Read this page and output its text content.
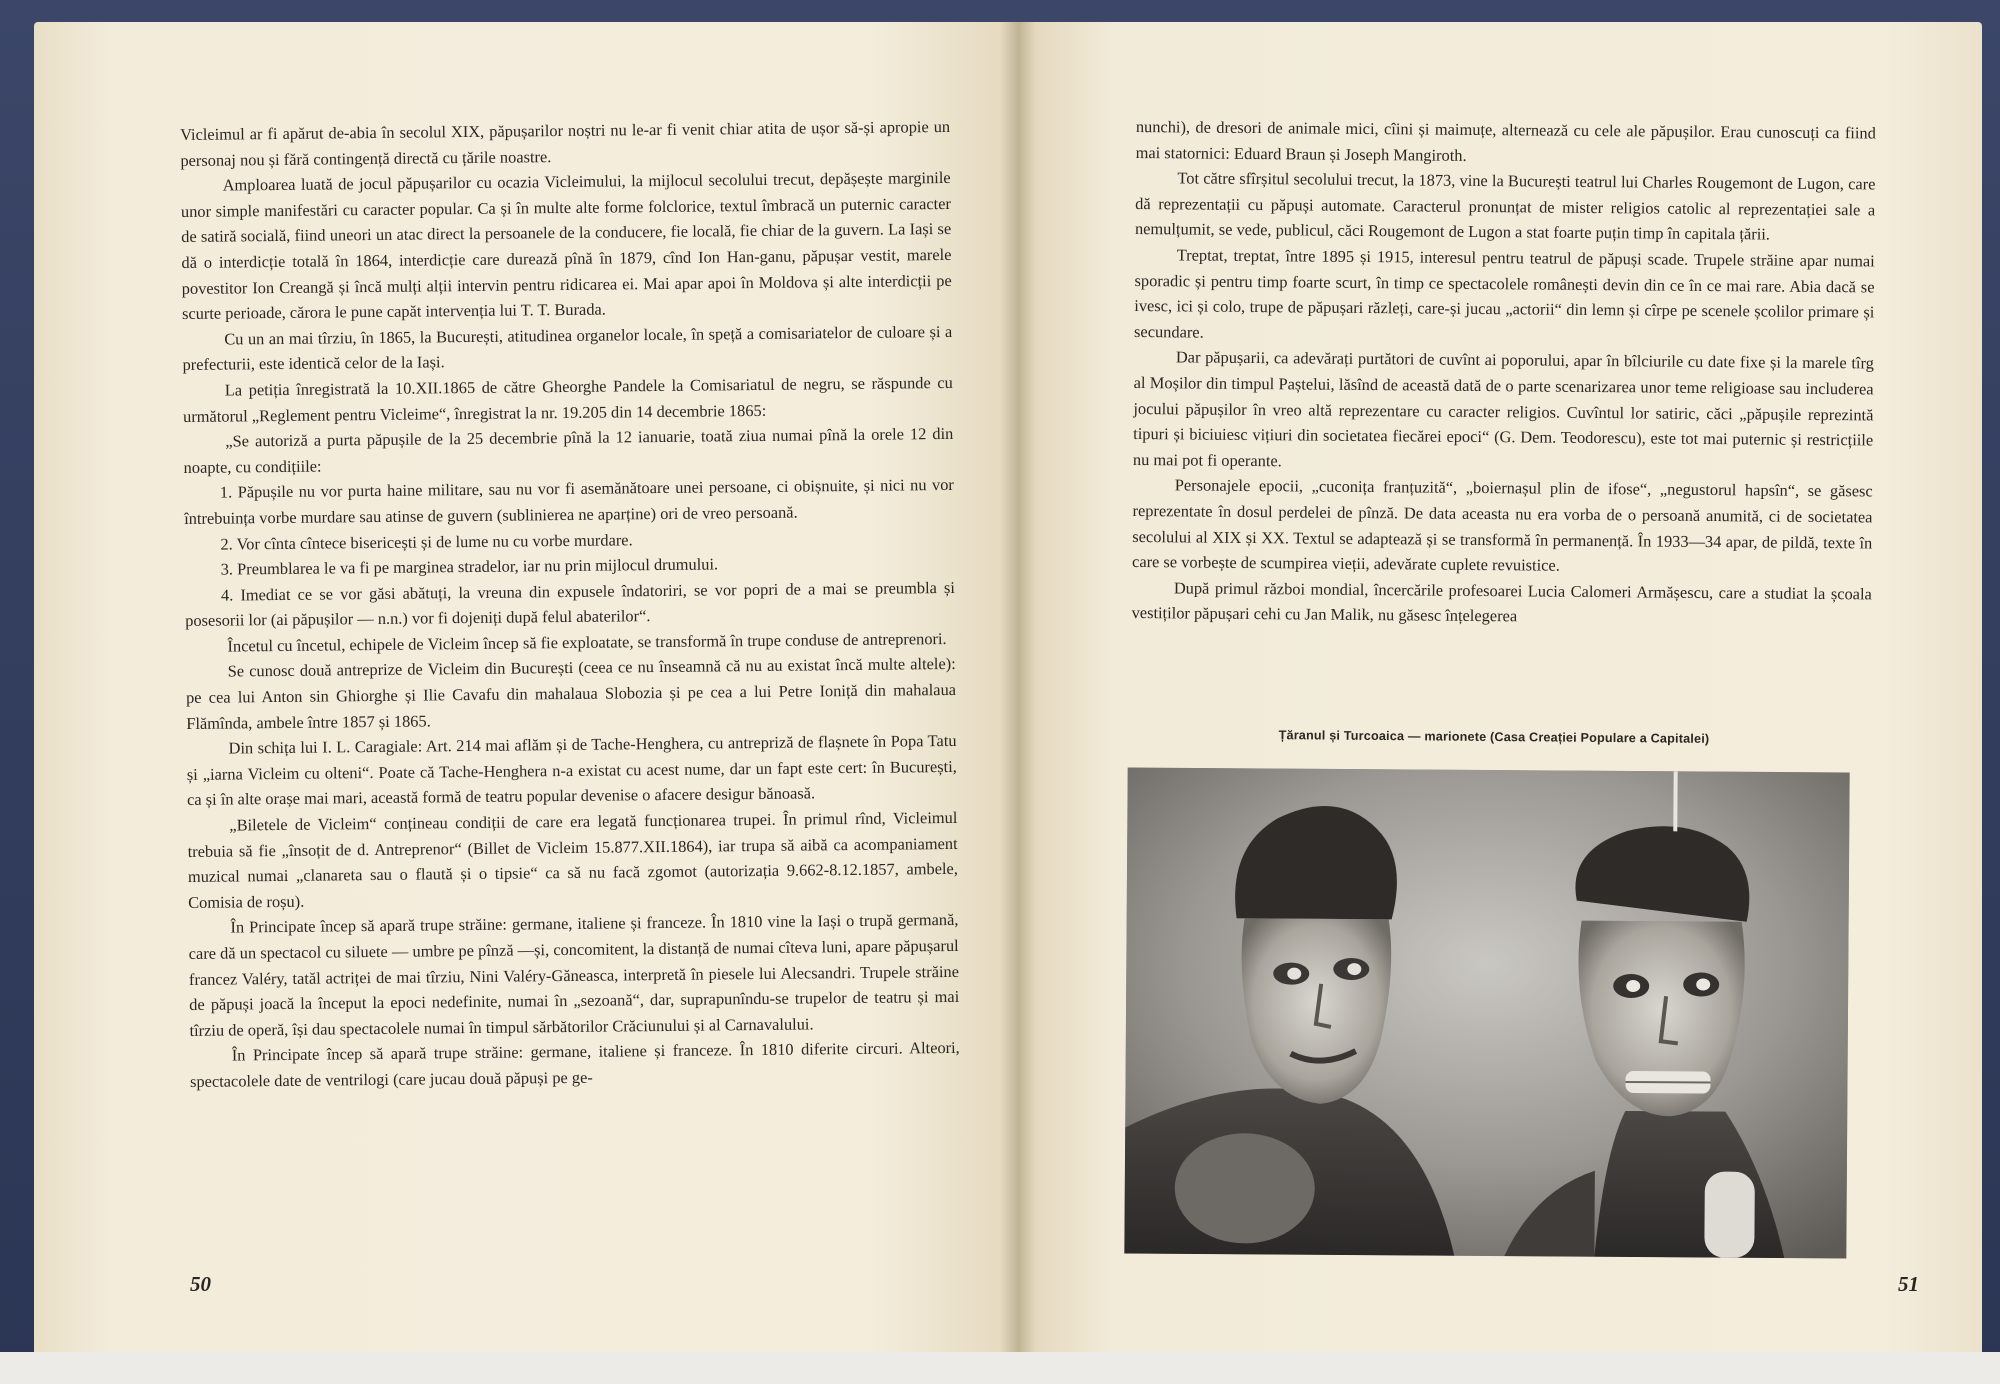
Vicleimul ar fi apărut de-abia în secolul XIX, păpușarilor noștri nu le-ar fi venit chiar atita de ușor să-și apropie un personaj nou și fără contingență directă cu țările noastre.

Amploarea luată de jocul păpușarilor cu ocazia Vicleimului, la mijlocul secolului trecut, depășește marginile unor simple manifestări cu caracter popular. Ca și în multe alte forme folclorice, textul îmbracă un puternic caracter de satiră socială, fiind uneori un atac direct la persoanele de la conducere, fie locală, fie chiar de la guvern. La Iași se dă o interdicție totală în 1864, interdicție care durează pînă în 1879, cînd Ion Han-ganu, păpușar vestit, marele povestitor Ion Creangă și încă mulți alții intervin pentru ridicarea ei. Mai apar apoi în Moldova și alte interdicții pe scurte perioade, cărora le pune capăt intervenția lui T. T. Burada.

Cu un an mai tîrziu, în 1865, la București, atitudinea organelor locale, în speță a comisariatelor de culoare și a prefecturii, este identică celor de la Iași.

La petiția înregistrată la 10.XII.1865 de către Gheorghe Pandele la Comisariatul de negru, se răspunde cu următorul „Reglement pentru Vicleime“, înregistrat la nr. 19.205 din 14 decembrie 1865:

„Se autoriză a purta păpușile de la 25 decembrie pînă la 12 ianuarie, toată ziua numai pînă la orele 12 din noapte, cu condițiile:

1. Păpușile nu vor purta haine militare, sau nu vor fi asemănătoare unei persoane, ci obișnuite, și nici nu vor întrebuința vorbe murdare sau atinse de guvern (sublinierea ne aparține) ori de vreo persoană.

2. Vor cînta cîntece bisericești și de lume nu cu vorbe murdare.

3. Preumblarea le va fi pe marginea stradelor, iar nu prin mijlocul drumului.

4. Imediat ce se vor găsi abătuți, la vreuna din expusele îndatoriri, se vor popri de a mai se preumbla și posesorii lor (ai păpușilor — n.n.) vor fi dojeniți după felul abaterilor“.

Încetul cu încetul, echipele de Vicleim încep să fie exploatate, se transformă în trupe conduse de antreprenori.

Se cunosc două antreprize de Vicleim din București (ceea ce nu înseamnă că nu au existat încă multe altele): pe cea lui Anton sin Ghiorghe și Ilie Cavafu din mahalaua Slobozia și pe cea a lui Petre Ioniță din mahalaua Flămînda, ambele între 1857 și 1865.

Din schița lui I. L. Caragiale: Art. 214 mai aflăm și de Tache-Henghera, cu antrepriză de flașnete în Popa Tatu și „iarna Vicleim cu olteni“. Poate că Tache-Henghera n-a existat cu acest nume, dar un fapt este cert: în București, ca și în alte orașe mai mari, această formă de teatru popular devenise o afacere desigur bănoasă.

„Biletele de Vicleim“ conțineau condiții de care era legată funcționarea trupei. În primul rînd, Vicleimul trebuia să fie „însoțit de d. Antreprenor“ (Billet de Vicleim 15.877.XII.1864), iar trupa să aibă ca acompaniament muzical numai „clanareta sau o flaută și o tipsie“ ca să nu facă zgomot (autorizația 9.662-8.12.1857, ambele, Comisia de roșu).

În Principate încep să apară trupe străine: germane, italiene și franceze. În 1810 vine la Iași o trupă germană, care dă un spectacol cu siluete — umbre pe pînză —și, concomitent, la distanță de numai cîteva luni, apare păpușarul francez Valéry, tatăl actriței de mai tîrziu, Nini Valéry-Găneasca, interpretă în piesele lui Alecsandri. Trupele străine de păpuși joacă la început la epoci nedefinite, numai în „sezoană“, dar, suprapunîndu-se trupelor de teatru și mai tîrziu de operă, își dau spectacolele numai în timpul sărbătorilor Crăciunului și al Carnavalului.

În Principate încep să apară trupe străine: germane, italiene și franceze. În 1810 diferite circuri. Alteori, spectacolele date de ventrilogi (care jucau două păpuși pe ge-

50

nunchi), de dresori de animale mici, cîini și maimuțe, alternează cu cele ale păpușilor. Erau cunoscuți ca fiind mai statornici: Eduard Braun și Joseph Mangiroth.

Tot către sfîrșitul secolului trecut, la 1873, vine la București teatrul lui Charles Rougemont de Lugon, care dă reprezentații cu păpuși automate. Caracterul pronunțat de mister religios catolic al reprezentației sale a nemulțumit, se vede, publicul, căci Rougemont de Lugon a stat foarte puțin timp în capitala țării.

Treptat, treptat, între 1895 și 1915, interesul pentru teatrul de păpuși scade. Trupele străine apar numai sporadic și pentru timp foarte scurt, în timp ce spectacolele românești devin din ce în ce mai rare. Abia dacă se ivesc, ici și colo, trupe de păpușari răzleți, care-și jucau „actorii“ din lemn și cîrpe pe scenele școlilor primare și secundare.

Dar păpușarii, ca adevărați purtători de cuvînt ai poporului, apar în bîlciurile cu date fixe și la marele tîrg al Moșilor din timpul Paștelui, lăsînd de această dată de o parte scenarizarea unor teme religioase sau includerea jocului păpușilor în vreo altă reprezentare cu caracter religios. Cuvîntul lor satiric, căci „păpușile reprezintă tipuri și biciuiesc vițiuri din societatea fiecărei epoci“ (G. Dem. Teodorescu), este tot mai puternic și restricțiile nu mai pot fi operante.

Personajele epocii, „cuconița franțuzită“, „boiernașul plin de ifose“, „negustorul hapsîn“, se găsesc reprezentate în dosul perdelei de pînză. De data aceasta nu era vorba de o persoană anumită, ci de societatea secolului al XIX și XX. Textul se adaptează și se transformă în permanență. În 1933—34 apar, de pildă, texte în care se vorbește de scumpirea vieții, adevărate cuplete revuistice.

După primul război mondial, încercările profesoarei Lucia Calomeri Armășescu, care a studiat la școala vestiților păpușari cehi cu Jan Malik, nu găsesc înțelegerea

Țăranul și Turcoaica — marionete (Casa Creației Populare a Capitalei)
51
